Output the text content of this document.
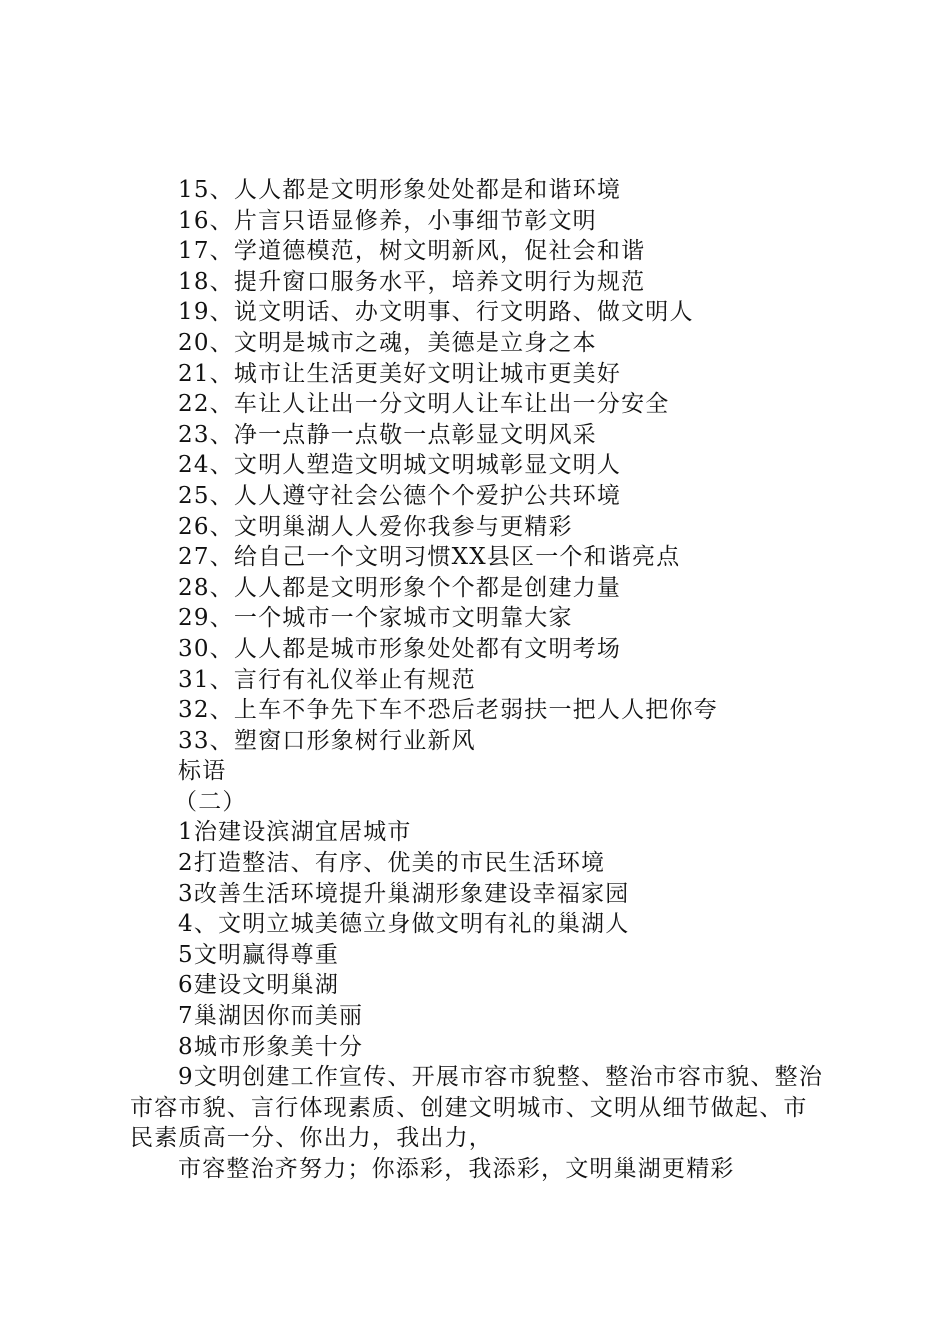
15、人人都是文明形象处处都是和谐环境
16、片言只语显修养，小事细节彰文明
17、学道德模范，树文明新风，促社会和谐
18、提升窗口服务水平，培养文明行为规范
19、说文明话、办文明事、行文明路、做文明人
20、文明是城市之魂，美德是立身之本
21、城市让生活更美好文明让城市更美好
22、车让人让出一分文明人让车让出一分安全
23、净一点静一点敬一点彰显文明风采
24、文明人塑造文明城文明城彰显文明人
25、人人遵守社会公德个个爱护公共环境
26、文明巢湖人人爱你我参与更精彩
27、给自己一个文明习惯XX县区一个和谐亮点
28、人人都是文明形象个个都是创建力量
29、一个城市一个家城市文明靠大家
30、人人都是城市形象处处都有文明考场
31、言行有礼仪举止有规范
32、上车不争先下车不恐后老弱扶一把人人把你夸
33、塑窗口形象树行业新风
标语
（二）
1治建设滨湖宜居城市
2打造整洁、有序、优美的市民生活环境
3改善生活环境提升巢湖形象建设幸福家园
4、文明立城美德立身做文明有礼的巢湖人
5文明赢得尊重
6建设文明巢湖
7巢湖因你而美丽
8城市形象美十分
9文明创建工作宣传、开展市容市貌整、整治市容市貌、整治市容市貌、言行体现素质、创建文明城市、文明从细节做起、市民素质高一分、你出力，我出力，
市容整治齐努力；你添彩，我添彩，文明巢湖更精彩
